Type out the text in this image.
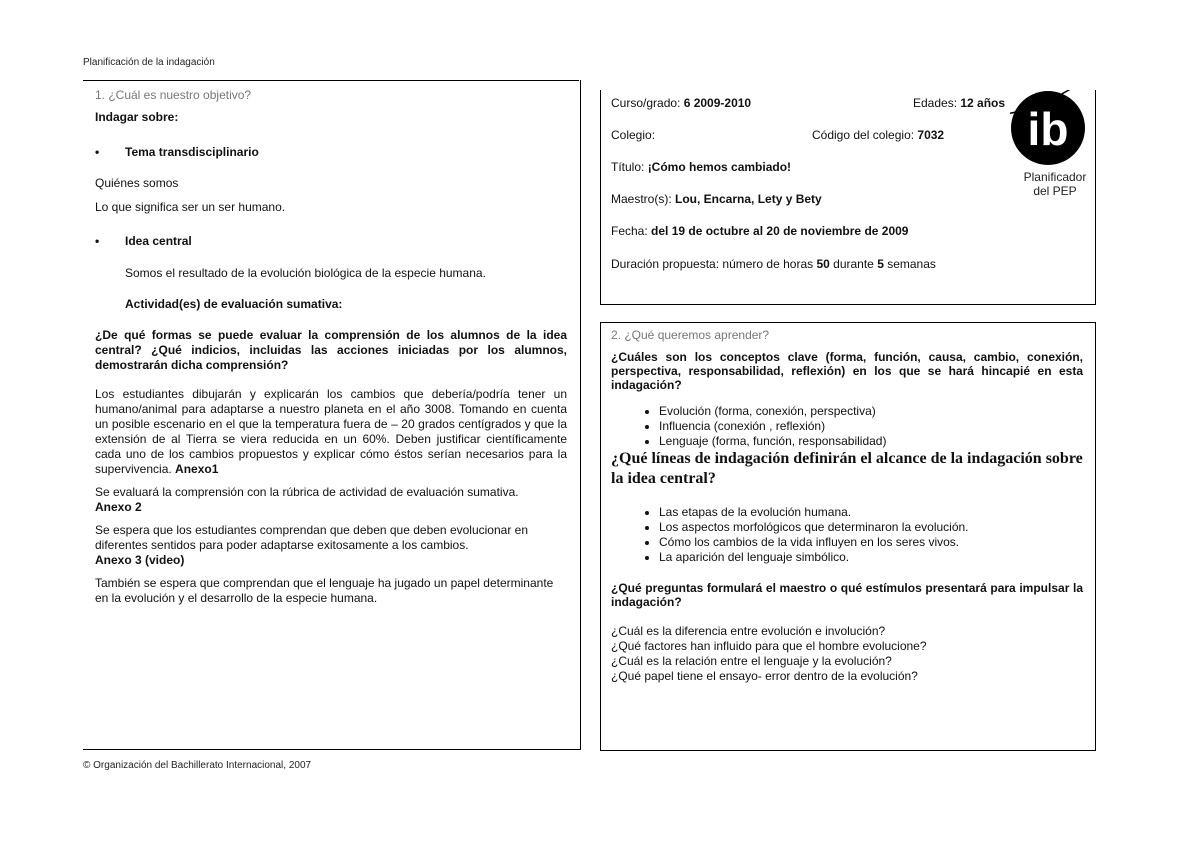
Planificación de la indagación
© Organización del Bachillerato Internacional, 2007

1. ¿Cuál es nuestro objetivo?

Indagar sobre:

• Tema transdisciplinario

Quiénes somos

Lo que significa ser un ser humano.

• Idea central

Somos el resultado de la evolución biológica de la especie humana.

Actividad(es) de evaluación sumativa:

¿De qué formas se puede evaluar la comprensión de los alumnos de la idea central? ¿Qué indicios, incluidas las acciones iniciadas por los alumnos, demostrarán dicha comprensión?

Los estudiantes dibujarán y explicarán los cambios que debería/podría tener un humano/animal para adaptarse a nuestro planeta en el año 3008. Tomando en cuenta un posible escenario en el que la temperatura fuera de – 20 grados centígrados y que la extensión de al Tierra se viera reducida en un 60%. Deben justificar científicamente cada uno de los cambios propuestos y explicar cómo éstos serían necesarios para la supervivencia. Anexo1

Se evaluará la comprensión con la rúbrica de actividad de evaluación sumativa.
Anexo 2

Se espera que los estudiantes comprendan que deben que deben evolucionar en diferentes sentidos para poder adaptarse exitosamente a los cambios.
Anexo 3 (video)

También se espera que comprendan que el lenguaje ha jugado un papel determinante en la evolución y el desarrollo de la especie humana.

Curso/grado: 6 2009-2010	Edades: 12 años
Colegio:	Código del colegio: 7032
Título: ¡Cómo hemos cambiado!
Maestro(s): Lou, Encarna, Lety y Bety
Fecha: del 19 de octubre al 20 de noviembre de 2009
Duración propuesta: número de horas 50 durante 5 semanas
ib
Planificador
del PEP

2. ¿Qué queremos aprender?

¿Cuáles son los conceptos clave (forma, función, causa, cambio, conexión, perspectiva, responsabilidad, reflexión) en los que se hará hincapié en esta indagación?

• Evolución (forma, conexión, perspectiva)
• Influencia (conexión , reflexión)
• Lenguaje (forma, función, responsabilidad)

¿Qué líneas de indagación definirán el alcance de la indagación sobre la idea central?

• Las etapas de la evolución humana.
• Los aspectos morfológicos que determinaron la evolución.
• Cómo los cambios de la vida influyen en los seres vivos.
• La aparición del lenguaje simbólico.

¿Qué preguntas formulará el maestro o qué estímulos presentará para impulsar la indagación?

¿Cuál es la diferencia entre evolución e involución?
¿Qué factores han influido para que el hombre evolucione?
¿Cuál es la relación entre el lenguaje y la evolución?
¿Qué papel tiene el ensayo- error dentro de la evolución?
